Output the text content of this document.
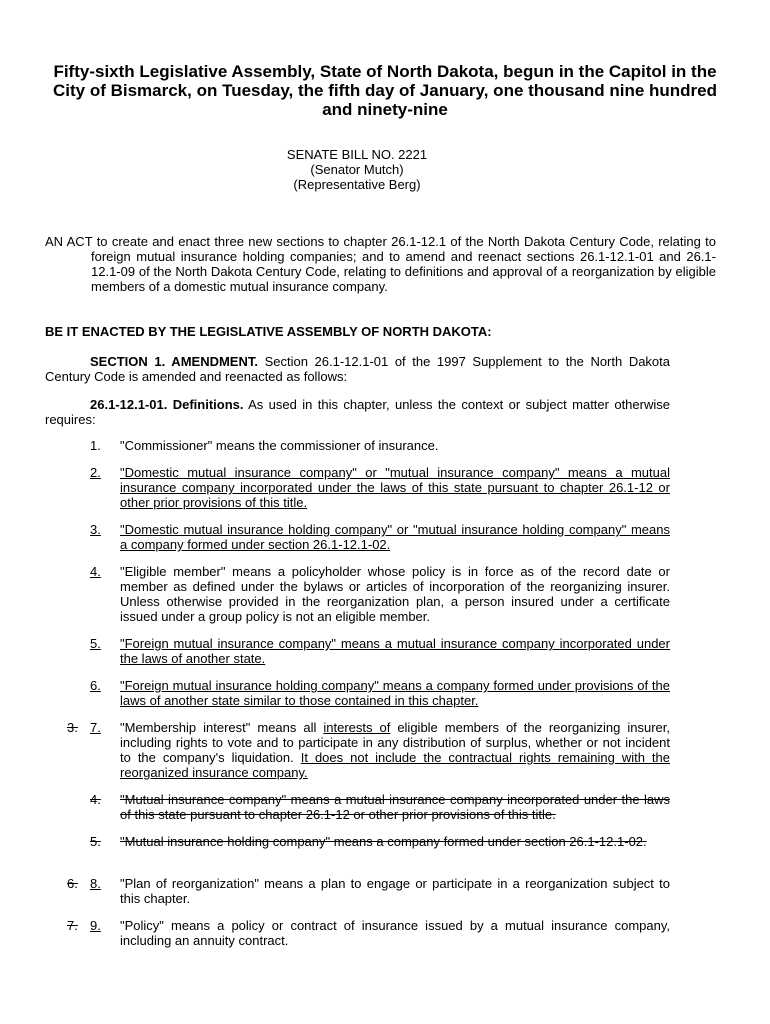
Fifty-sixth Legislative Assembly, State of North Dakota, begun in the Capitol in the City of Bismarck, on Tuesday, the fifth day of January, one thousand nine hundred and ninety-nine
SENATE BILL NO. 2221
(Senator Mutch)
(Representative Berg)
AN ACT to create and enact three new sections to chapter 26.1-12.1 of the North Dakota Century Code, relating to foreign mutual insurance holding companies; and to amend and reenact sections 26.1-12.1-01 and 26.1-12.1-09 of the North Dakota Century Code, relating to definitions and approval of a reorganization by eligible members of a domestic mutual insurance company.
BE IT ENACTED BY THE LEGISLATIVE ASSEMBLY OF NORTH DAKOTA:
SECTION 1. AMENDMENT. Section 26.1-12.1-01 of the 1997 Supplement to the North Dakota Century Code is amended and reenacted as follows:
26.1-12.1-01. Definitions. As used in this chapter, unless the context or subject matter otherwise requires:
1. "Commissioner" means the commissioner of insurance.
2. "Domestic mutual insurance company" or "mutual insurance company" means a mutual insurance company incorporated under the laws of this state pursuant to chapter 26.1-12 or other prior provisions of this title.
3. "Domestic mutual insurance holding company" or "mutual insurance holding company" means a company formed under section 26.1-12.1-02.
4. "Eligible member" means a policyholder whose policy is in force as of the record date or member as defined under the bylaws or articles of incorporation of the reorganizing insurer. Unless otherwise provided in the reorganization plan, a person insured under a certificate issued under a group policy is not an eligible member.
5. "Foreign mutual insurance company" means a mutual insurance company incorporated under the laws of another state.
6. "Foreign mutual insurance holding company" means a company formed under provisions of the laws of another state similar to those contained in this chapter.
3. 7. "Membership interest" means all interests of eligible members of the reorganizing insurer, including rights to vote and to participate in any distribution of surplus, whether or not incident to the company's liquidation. It does not include the contractual rights remaining with the reorganized insurance company.
4. "Mutual insurance company" means a mutual insurance company incorporated under the laws of this state pursuant to chapter 26.1-12 or other prior provisions of this title.
5. "Mutual insurance holding company" means a company formed under section 26.1-12.1-02.
6. 8. "Plan of reorganization" means a plan to engage or participate in a reorganization subject to this chapter.
7. 9. "Policy" means a policy or contract of insurance issued by a mutual insurance company, including an annuity contract.
